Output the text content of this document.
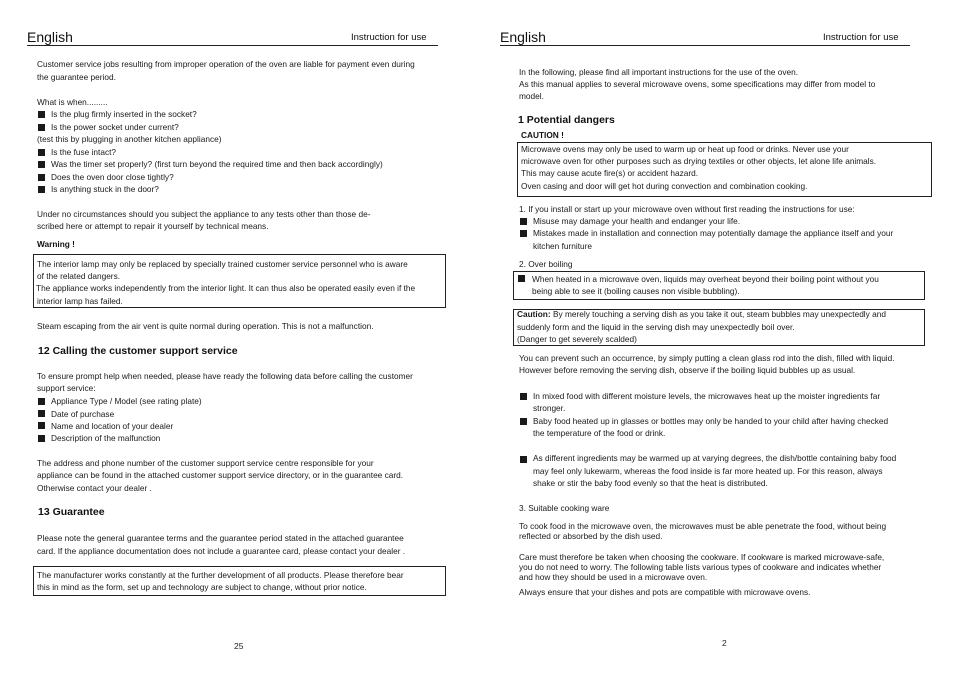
English	Instruction for use
Customer service jobs resulting from improper operation of the oven are liable for payment even during
the guarantee period.
What is when.........
Is the plug firmly inserted in the socket?
Is the power socket under current?
(test this by plugging in another kitchen appliance)
Is the fuse intact?
Was the timer set properly? (first turn beyond the required time and then back accordingly)
Does the oven door close tightly?
Is anything stuck in the door?
Under no circumstances should you subject the appliance to any tests other than those de-
scribed here or attempt to repair it yourself by technical means.
Warning !
The interior lamp may only be replaced by specially trained customer service personnel who is aware
of the related dangers.
The appliance works independently from the interior light. It can thus also be operated easily even if the
interior lamp has failed.
Steam escaping from the air vent is quite normal during operation. This is not a malfunction.
12 Calling the customer support service
To ensure prompt help when needed, please have ready the following data before calling the customer
support service:
Appliance Type / Model (see rating plate)
Date of purchase
Name and location of your dealer
Description of the malfunction
The address and phone number of the customer support service centre responsible for your
appliance can be found in the attached customer support service directory, or in the guarantee card.
Otherwise contact your dealer .
13 Guarantee
Please note the general guarantee terms and the guarantee period stated in the attached guarantee
card. If the appliance documentation does not include a guarantee card, please contact your dealer .
The manufacturer works constantly at the further development of all products. Please therefore bear
this in mind as the form, set up and technology are subject to change, without prior notice.
25
English	Instruction for use
In the following, please find all important instructions for the use of the oven.
As this manual applies to several microwave ovens, some specifications may differ from model to
model.
1 Potential dangers
CAUTION !
Microwave ovens may only be used to warm up or heat up food or drinks. Never use your
microwave oven for other purposes such as drying textiles or other objects, let alone life animals.
This may cause acute fire(s) or accident hazard.
Oven casing and door will get hot during convection and combination cooking.
1. If you install or start up your microwave oven without first reading the instructions for use:
Misuse may damage your health and endanger your life.
Mistakes made in installation and connection may potentially damage the appliance itself and your
kitchen furniture
2. Over boiling
When heated in a microwave oven, liquids may overheat beyond their boiling point without you
being able to see it (boiling causes non visible bubbling).
Caution: By merely touching a serving dish as you take it out, steam bubbles may unexpectedly and
suddenly form and the liquid in the serving dish may unexpectedly boil over.
(Danger to get severely scalded)
You can prevent such an occurrence, by simply putting a clean glass rod into the dish, filled with liquid.
However before removing the serving dish, observe if the boiling liquid bubbles up as usual.
In mixed food with different moisture levels, the microwaves heat up the moister ingredients far
stronger.
Baby food heated up in glasses or bottles may only be handed to your child after having checked
the temperature of the food or drink.
As different ingredients may be warmed up at varying degrees, the dish/bottle containing baby food
may feel only lukewarm, whereas the food inside is far more heated up. For this reason, always
shake or stir the baby food evenly so that the heat is distributed.
3. Suitable cooking ware
To cook food in the microwave oven, the microwaves must be able penetrate the food, without being
reflected or absorbed by the dish used.
Care must therefore be taken when choosing the cookware. If cookware is marked microwave-safe,
you do not need to worry. The following table lists various types of cookware and indicates whether
and how they should be used in a microwave oven.
Always ensure that your dishes and pots are compatible with microwave ovens.
2
